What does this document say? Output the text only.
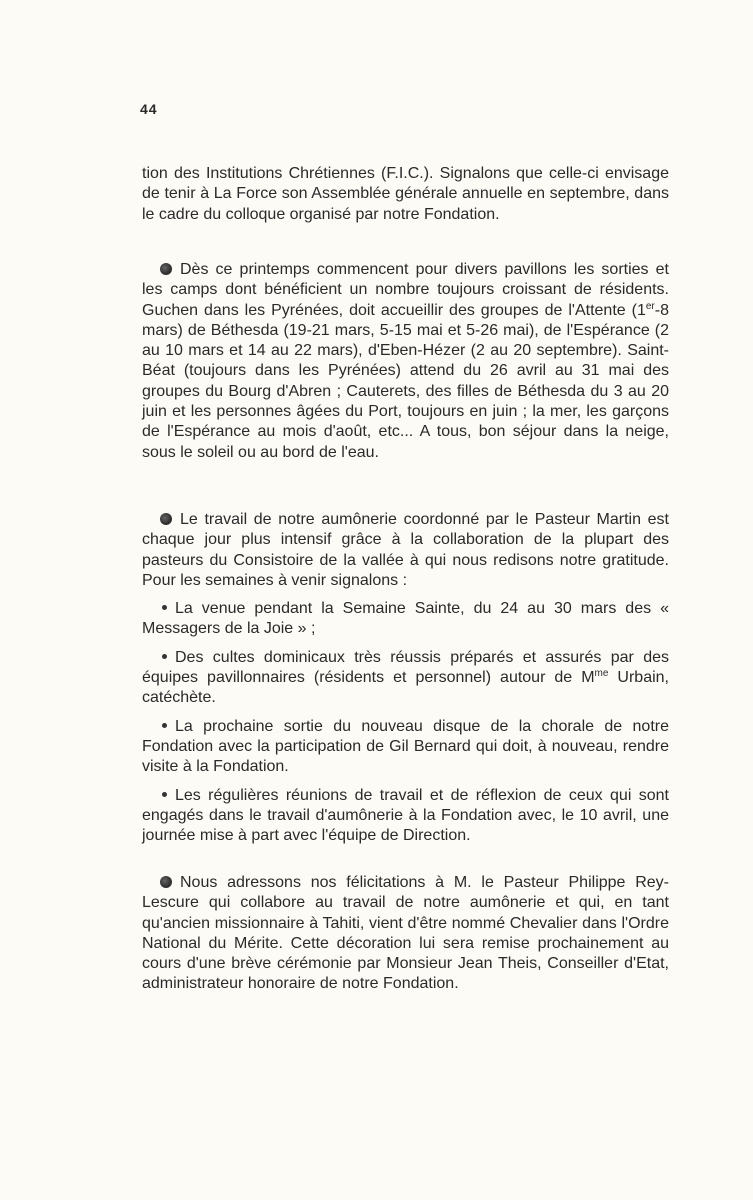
44

tion des Institutions Chrétiennes (F.I.C.). Signalons que celle-ci envisage de tenir à La Force son Assemblée générale annuelle en septembre, dans le cadre du colloque organisé par notre Fondation.

Dès ce printemps commencent pour divers pavillons les sorties et les camps dont bénéficient un nombre toujours croissant de résidents. Guchen dans les Pyrénées, doit accueillir des groupes de l'Attente (1er-8 mars) de Béthesda (19-21 mars, 5-15 mai et 5-26 mai), de l'Espérance (2 au 10 mars et 14 au 22 mars), d'Eben-Hézer (2 au 20 septembre). Saint-Béat (toujours dans les Pyrénées) attend du 26 avril au 31 mai des groupes du Bourg d'Abren ; Cauterets, des filles de Béthesda du 3 au 20 juin et les personnes âgées du Port, toujours en juin ; la mer, les garçons de l'Espérance au mois d'août, etc... A tous, bon séjour dans la neige, sous le soleil ou au bord de l'eau.

Le travail de notre aumônerie coordonné par le Pasteur Martin est chaque jour plus intensif grâce à la collaboration de la plupart des pasteurs du Consistoire de la vallée à qui nous redisons notre gratitude. Pour les semaines à venir signalons :

La venue pendant la Semaine Sainte, du 24 au 30 mars des « Messagers de la Joie » ;

Des cultes dominicaux très réussis préparés et assurés par des équipes pavillonnaires (résidents et personnel) autour de $M^{me}$ Urbain, catéchète.

La prochaine sortie du nouveau disque de la chorale de notre Fondation avec la participation de Gil Bernard qui doit, à nouveau, rendre visite à la Fondation.

Les régulières réunions de travail et de réflexion de ceux qui sont engagés dans le travail d'aumônerie à la Fondation avec, le 10 avril, une journée mise à part avec l'équipe de Direction.

Nous adressons nos félicitations à M. le Pasteur Philippe Rey-Lescure qui collabore au travail de notre aumônerie et qui, en tant qu'ancien missionnaire à Tahiti, vient d'être nommé Chevalier dans l'Ordre National du Mérite. Cette décoration lui sera remise prochainement au cours d'une brève cérémonie par Monsieur Jean Theis, Conseiller d'Etat, administrateur honoraire de notre Fondation.
